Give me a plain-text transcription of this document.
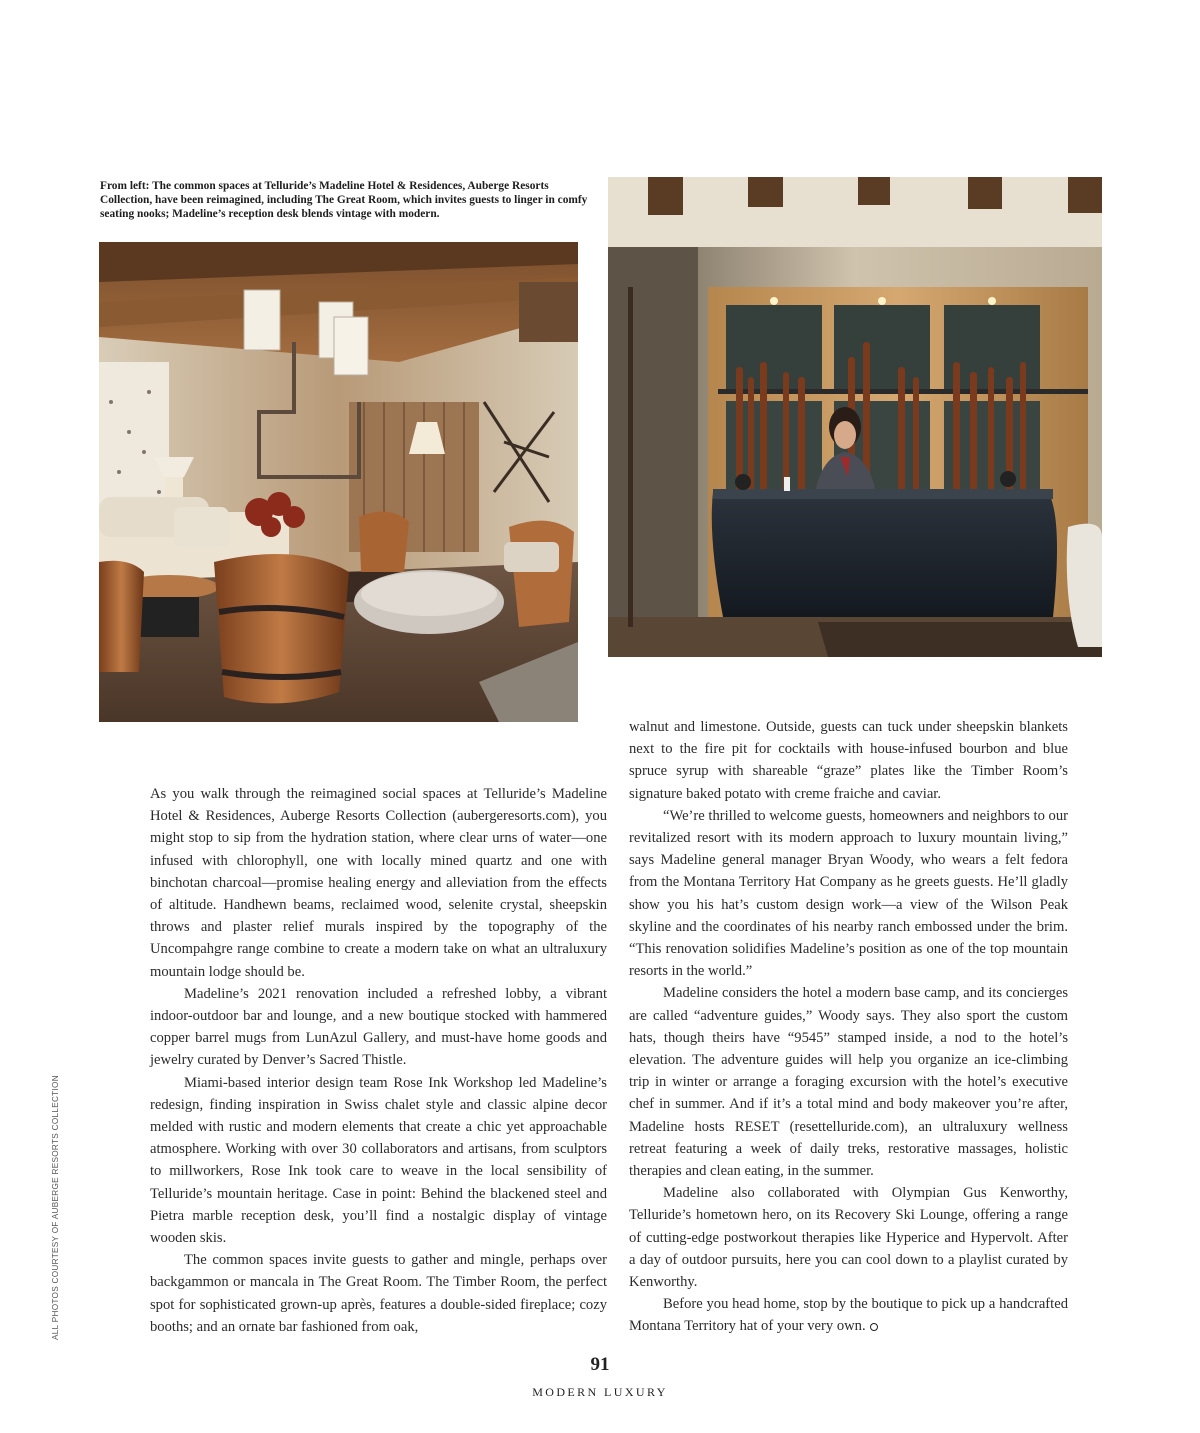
From left: The common spaces at Telluride’s Madeline Hotel & Residences, Auberge Resorts Collection, have been reimagined, including The Great Room, which invites guests to linger in comfy seating nooks; Madeline’s reception desk blends vintage with modern.

As you walk through the reimagined social spaces at Telluride’s Madeline Hotel & Residences, Auberge Resorts Collection (aubergeresorts.com), you might stop to sip from the hydration station, where clear urns of water—one infused with chlorophyll, one with locally mined quartz and one with binchotan charcoal—promise healing energy and alleviation from the effects of altitude. Handhewn beams, reclaimed wood, selenite crystal, sheepskin throws and plaster relief murals inspired by the topography of the Uncompahgre range combine to create a modern take on what an ultraluxury mountain lodge should be.

Madeline’s 2021 renovation included a refreshed lobby, a vibrant indoor-outdoor bar and lounge, and a new boutique stocked with hammered copper barrel mugs from LunAzul Gallery, and must-have home goods and jewelry curated by Denver’s Sacred Thistle.

Miami-based interior design team Rose Ink Workshop led Madeline’s redesign, finding inspiration in Swiss chalet style and classic alpine decor melded with rustic and modern elements that create a chic yet approachable atmosphere. Working with over 30 collaborators and artisans, from sculptors to millworkers, Rose Ink took care to weave in the local sensibility of Telluride’s mountain heritage. Case in point: Behind the blackened steel and Pietra marble reception desk, you’ll find a nostalgic display of vintage wooden skis.

The common spaces invite guests to gather and mingle, perhaps over backgammon or mancala in The Great Room. The Timber Room, the perfect spot for sophisticated grown-up après, features a double-sided fireplace; cozy booths; and an ornate bar fashioned from oak,

walnut and limestone. Outside, guests can tuck under sheepskin blankets next to the fire pit for cocktails with house-infused bourbon and blue spruce syrup with shareable “graze” plates like the Timber Room’s signature baked potato with creme fraiche and caviar.

“We’re thrilled to welcome guests, homeowners and neighbors to our revitalized resort with its modern approach to luxury mountain living,” says Madeline general manager Bryan Woody, who wears a felt fedora from the Montana Territory Hat Company as he greets guests. He’ll gladly show you his hat’s custom design work—a view of the Wilson Peak skyline and the coordinates of his nearby ranch embossed under the brim. “This renovation solidifies Madeline’s position as one of the top mountain resorts in the world.”

Madeline considers the hotel a modern base camp, and its concierges are called “adventure guides,” Woody says. They also sport the custom hats, though theirs have “9545” stamped inside, a nod to the hotel’s elevation. The adventure guides will help you organize an ice-climbing trip in winter or arrange a foraging excursion with the hotel’s executive chef in summer. And if it’s a total mind and body makeover you’re after, Madeline hosts RESET (resettelluride.com), an ultraluxury wellness retreat featuring a week of daily treks, restorative massages, holistic therapies and clean eating, in the summer.

Madeline also collaborated with Olympian Gus Kenworthy, Telluride’s hometown hero, on its Recovery Ski Lounge, offering a range of cutting-edge postworkout therapies like Hyperice and Hypervolt. After a day of outdoor pursuits, here you can cool down to a playlist curated by Kenworthy.

Before you head home, stop by the boutique to pick up a handcrafted Montana Territory hat of your very own.

ALL PHOTOS COURTESY OF AUBERGE RESORTS COLLECTION
91
MODERN LUXURY
